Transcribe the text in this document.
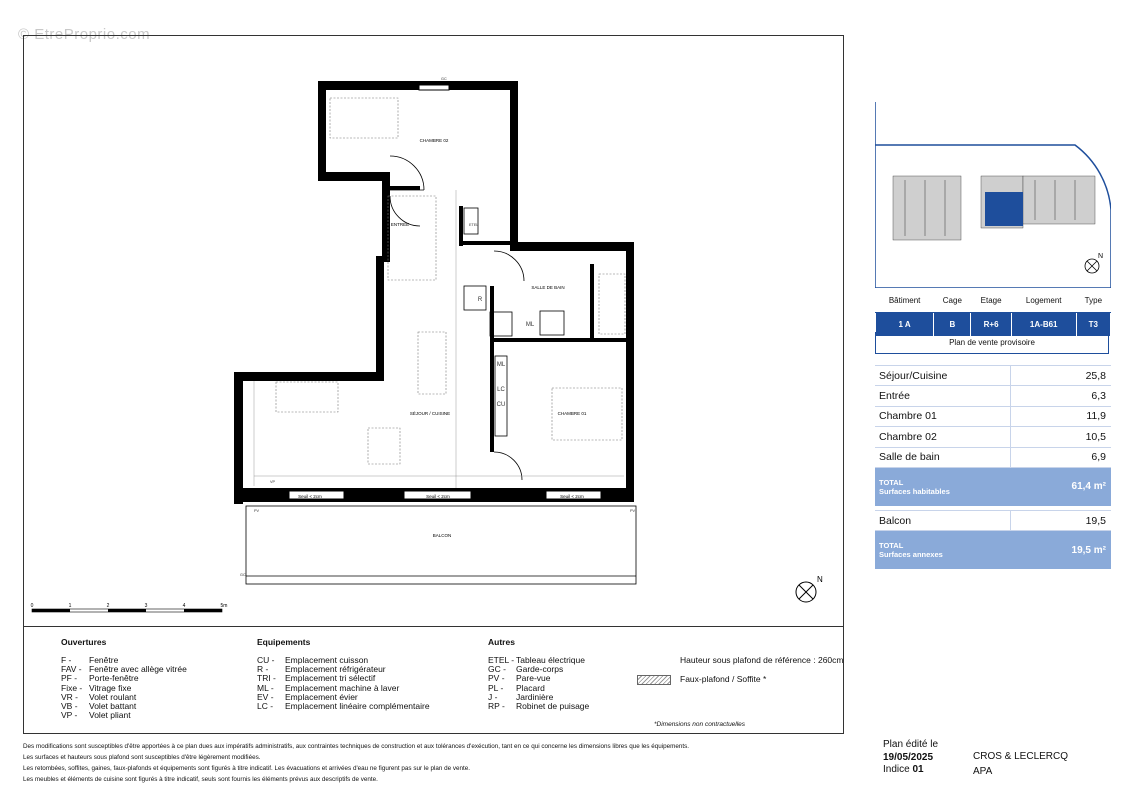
© EtreProprio.com
CHAMBRE 02
ENTRÉE
SALLE DE BAIN
SÉJOUR / CUISINE	CHAMBRE 01
BALCON
Seuil < 2cm	Seuil < 2cm	Seuil < 2cm
R
ML
ML
CU
LC
ETEL
GC
PV	PV
VP
GC	N
0	1	2	3	4	5m
Ouvertures
F -	Fenêtre
FAV - Fenêtre avec allège vitrée
PF -	Porte-fenêtre
Fixe - Vitrage fixe
VR -	Volet roulant
VB -	Volet battant
VP -	Volet pliant
Equipements
CU -	Emplacement cuisson
R -	Emplacement réfrigérateur
TRI -	Emplacement tri sélectif
ML -	Emplacement machine à laver
EV -	Emplacement évier
LC -	Emplacement linéaire complémentaire
Autres
ETEL - Tableau électrique
GC -	Garde-corps
PV -	Pare-vue
PL -	Placard
J -	Jardinière
RP -	Robinet de puisage
Hauteur sous plafond de référence : 260cm
Faux-plafond / Soffite *
*Dimensions non contractuelles
Des modifications sont susceptibles d'être apportées à ce plan dues aux impératifs administratifs, aux contraintes techniques de construction et aux tolérances d'exécution, tant en ce qui concerne les dimensions libres que les équipements.
Les surfaces et hauteurs sous plafond sont susceptibles d'être légèrement modifiées.
Les retombées, soffites, gaines, faux-plafonds et équipements sont figurés à titre indicatif. Les évacuations et arrivées d'eau ne figurent pas sur le plan de vente.
Les meubles et éléments de cuisine sont figurés à titre indicatif, seuls sont fournis les éléments prévus aux descriptifs de vente.
N
Bâtiment	Cage	Etage	Logement	Type
1 A	B	R+6	1A-B61	T3
Plan de vente provisoire
Séjour/Cuisine	25,8
Entrée	6,3
Chambre 01	11,9
Chambre 02	10,5
Salle de bain	6,9
TOTAL
Surfaces habitables	61,4 m²
Balcon	19,5
TOTAL
Surfaces annexes	19,5 m²
Plan édité le
19/05/2025
Indice 01
CROS & LECLERCQ
APA
